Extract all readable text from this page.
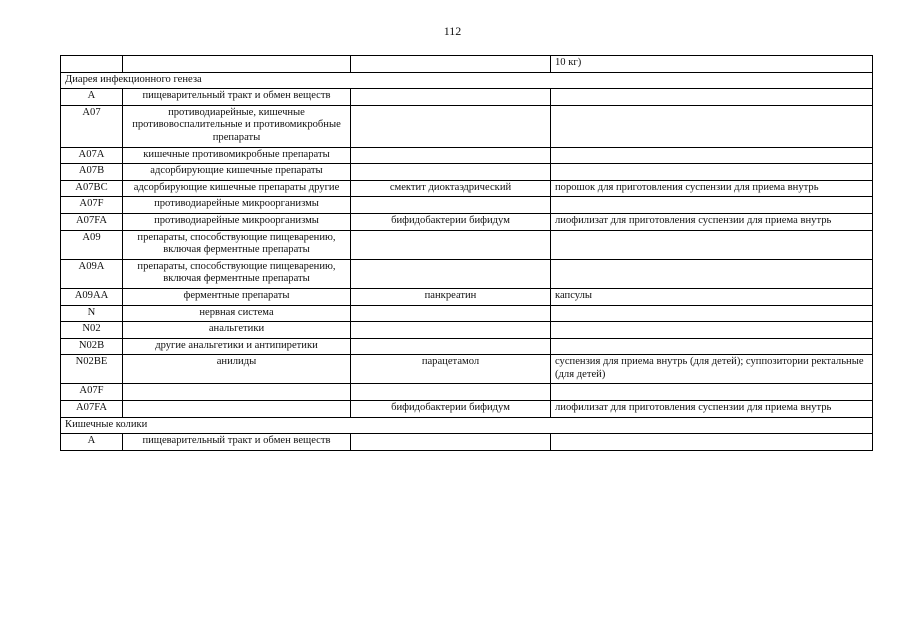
112
			10 кг)
Диарея инфекционного генеза			
A	пищеварительный тракт и обмен веществ		
A07	противодиарейные, кишечные противовоспалительные и противомикробные препараты		
A07A	кишечные противомикробные препараты		
A07B	адсорбирующие кишечные препараты		
A07BC	адсорбирующие кишечные препараты другие	смектит диоктаэдрический	порошок для приготовления суспензии для приема внутрь
A07F	противодиарейные микроорганизмы		
A07FA	противодиарейные микроорганизмы	бифидобактерии бифидум	лиофилизат для приготовления суспензии для приема внутрь
A09	препараты, способствующие пищеварению, включая ферментные препараты		
A09A	препараты, способствующие пищеварению, включая ферментные препараты		
A09AA	ферментные препараты	панкреатин	капсулы
N	нервная система		
N02	анальгетики		
N02B	другие анальгетики и антипиретики		
N02BE	анилиды	парацетамол	суспензия для приема внутрь (для детей); суппозитории ректальные (для детей)
A07F			
A07FA		бифидобактерии бифидум	лиофилизат для приготовления суспензии для приема внутрь
Кишечные колики			
A	пищеварительный тракт и обмен веществ		
